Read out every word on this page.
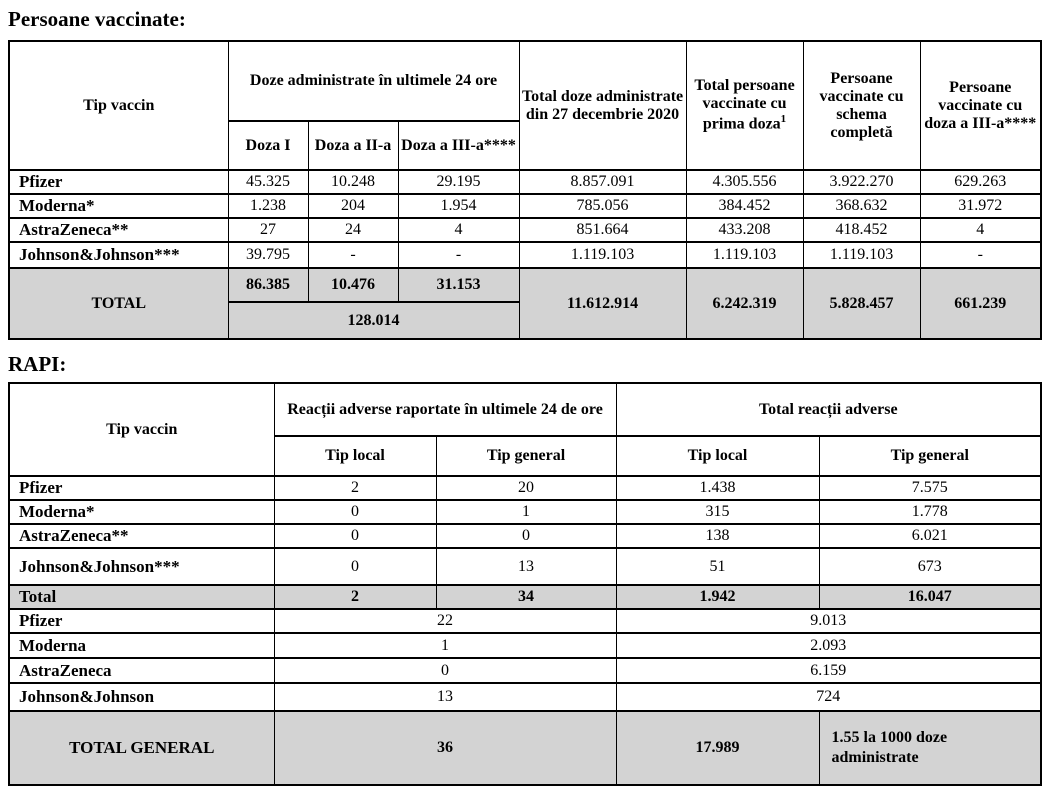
Persoane vaccinate:
Tip vaccin	Doze administrate în ultimele 24 ore			Total doze administrate din 27 decembrie 2020	Total persoane vaccinate cu prima doza$^1$	Persoane vaccinate cu schema completă	Persoane vaccinate cu doza a III-a****
	Doza I	Doza a II-a	Doza a III-a****				
Pfizer	45.325	10.248	29.195	8.857.091	4.305.556	3.922.270	629.263
Moderna*	1.238	204	1.954	785.056	384.452	368.632	31.972
AstraZeneca**	27	24	4	851.664	433.208	418.452	4
Johnson&Johnson***	39.795	-	-	1.119.103	1.119.103	1.119.103	-
TOTAL	86.385	10.476	31.153	11.612.914	6.242.319	5.828.457	661.239
	128.014						
RAPI:
Tip vaccin	Reacții adverse raportate în ultimele 24 de ore		Total reacții adverse	
	Tip local	Tip general	Tip local	Tip general
Pfizer	2	20	1.438	7.575
Moderna*	0	1	315	1.778
AstraZeneca**	0	0	138	6.021
Johnson&Johnson***	0	13	51	673
Total	2	34	1.942	16.047
Pfizer	22		9.013	
Moderna	1		2.093	
AstraZeneca	0		6.159	
Johnson&Johnson	13		724	
TOTAL GENERAL	36		17.989	1.55 la 1000 doze administrate
